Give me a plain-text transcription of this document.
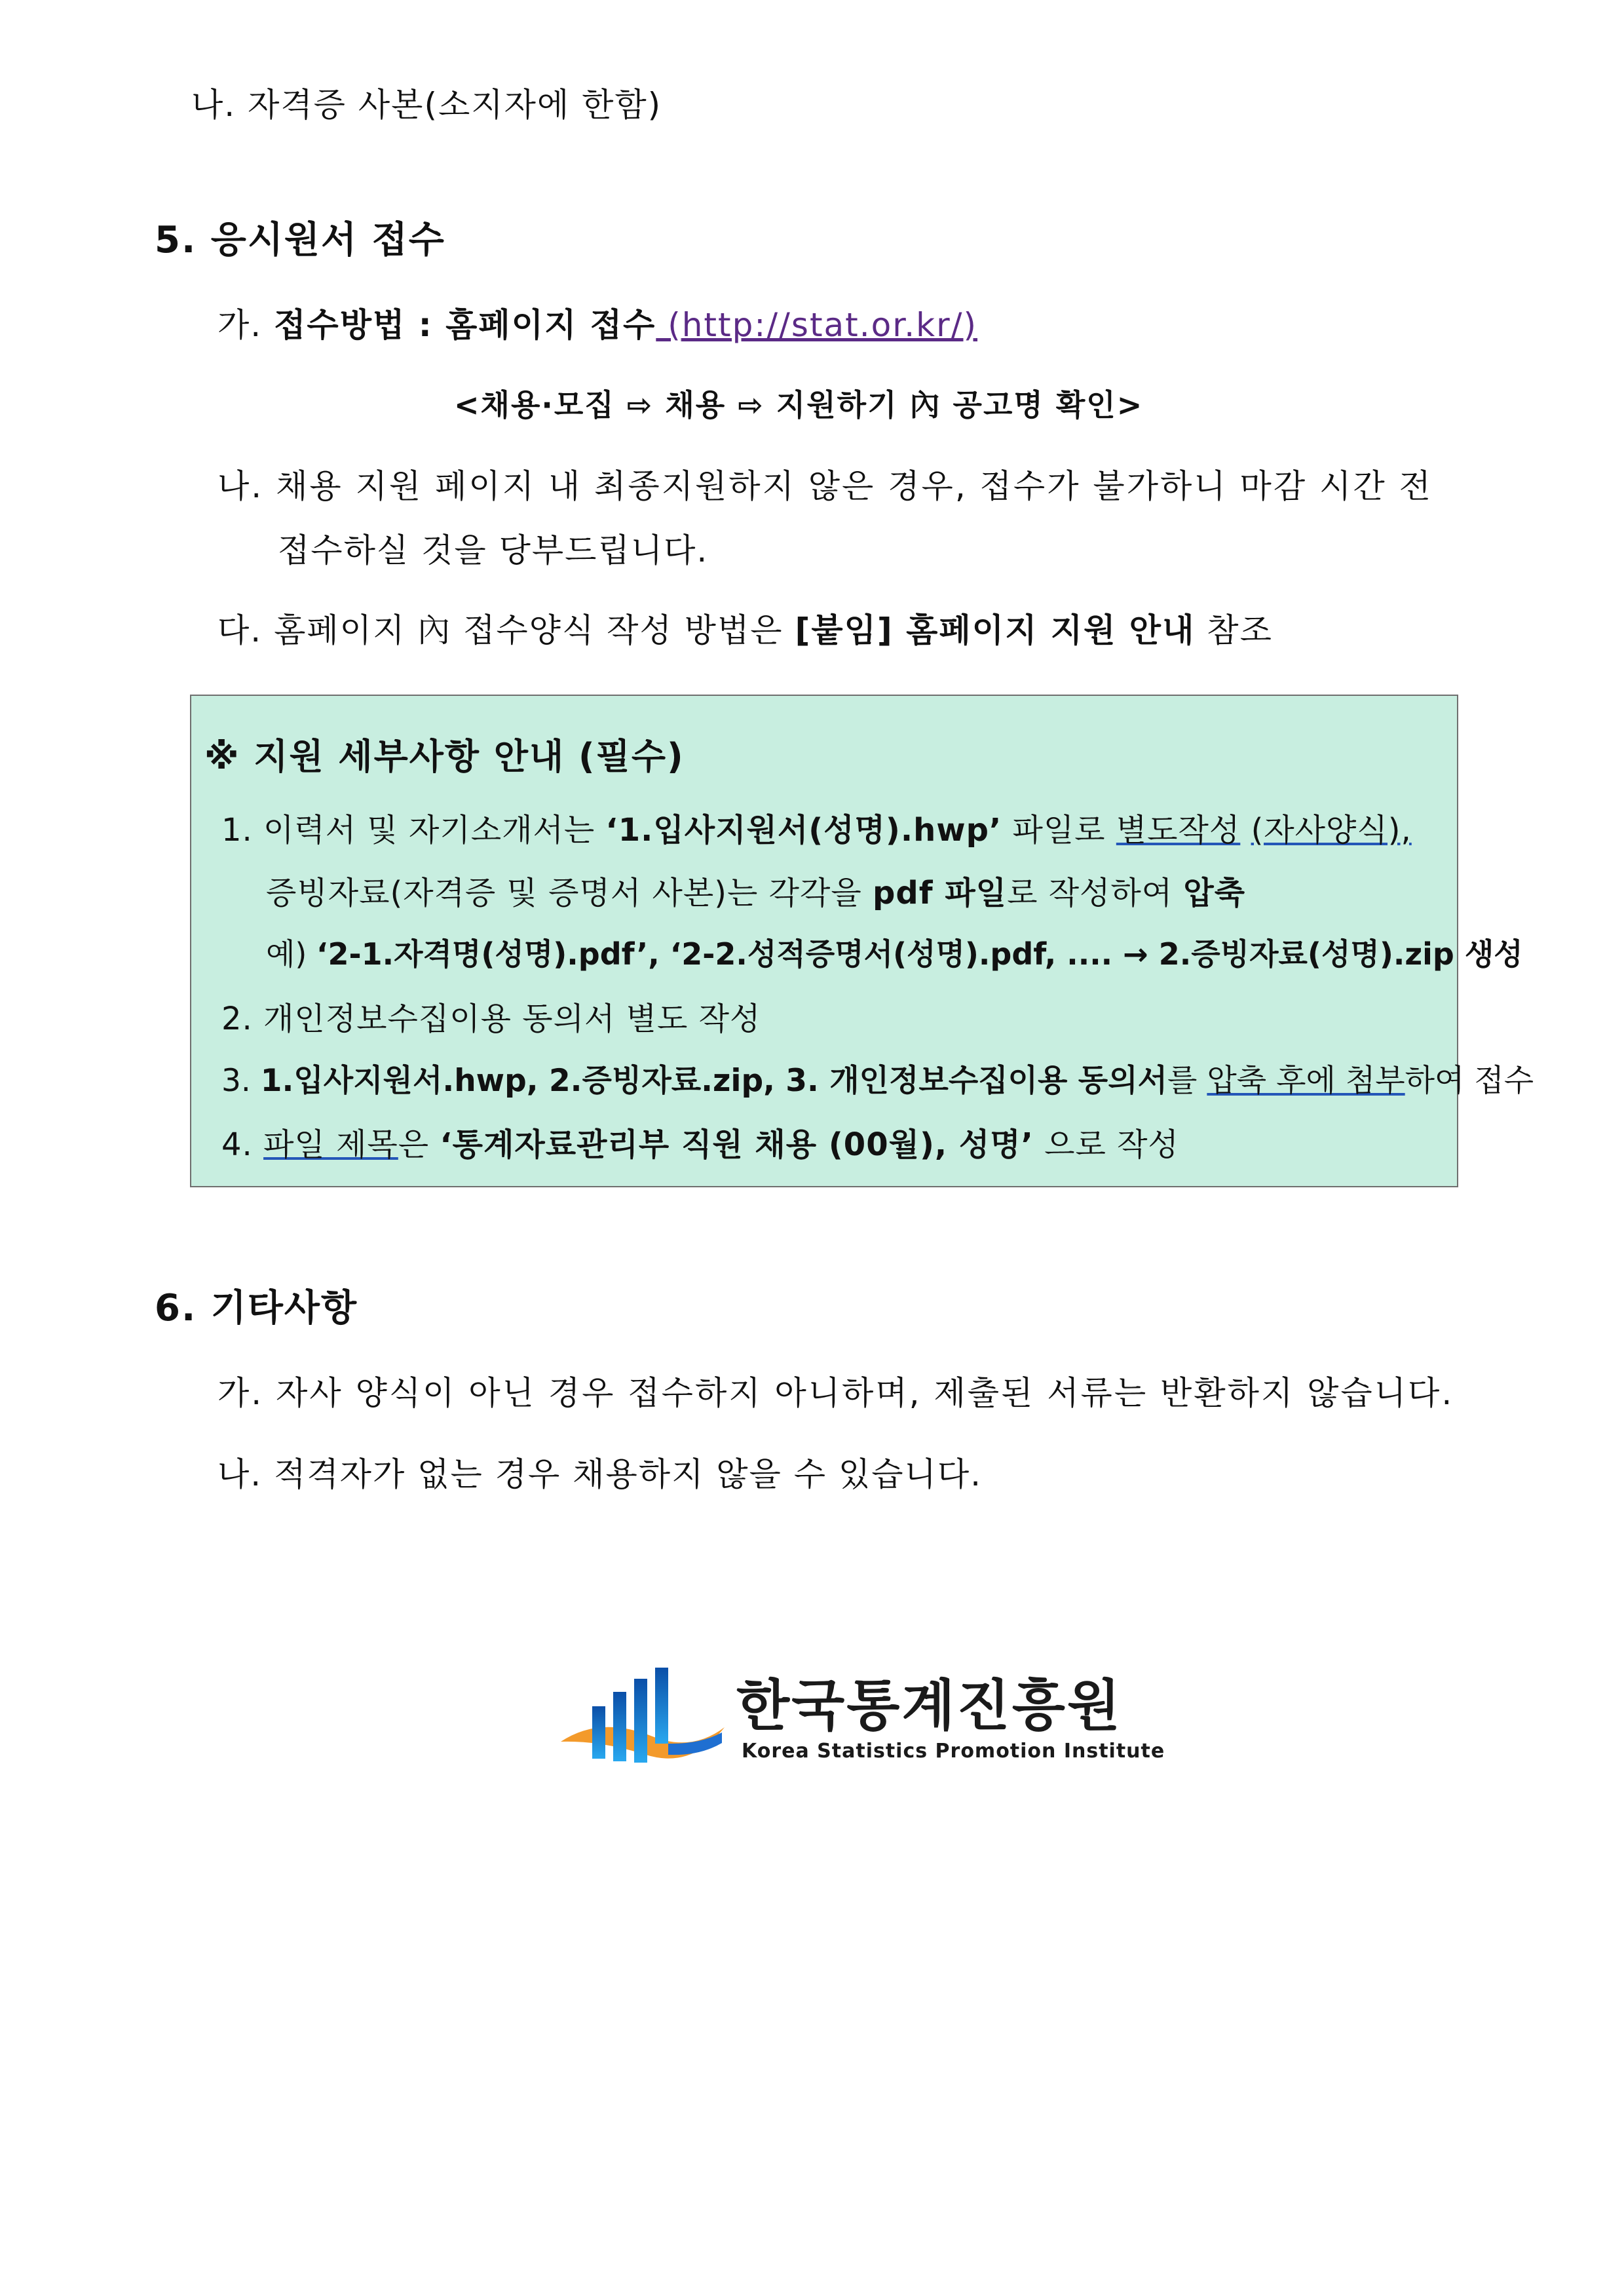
나. 자격증 사본(소지자에 한함)
5. 응시원서 접수
가. 접수방법 : 홈페이지 접수 (http://stat.or.kr/)
<채용·모집 ⇨ 채용 ⇨ 지원하기 內 공고명 확인>
나. 채용 지원 페이지 내 최종지원하지 않은 경우, 접수가 불가하니 마감 시간 전
접수하실 것을 당부드립니다.
다. 홈페이지 內 접수양식 작성 방법은 [붙임] 홈페이지 지원 안내 참조
※ 지원 세부사항 안내 (필수)
1. 이력서 및 자기소개서는 ‘1.입사지원서(성명).hwp’ 파일로 별도작성 (자사양식),
증빙자료(자격증 및 증명서 사본)는 각각을 pdf 파일로 작성하여 압축
예) ‘2-1.자격명(성명).pdf’, ‘2-2.성적증명서(성명).pdf, .... → 2.증빙자료(성명).zip 생성
2. 개인정보수집이용 동의서 별도 작성
3. 1.입사지원서.hwp, 2.증빙자료.zip, 3. 개인정보수집이용 동의서를 압축 후에 첨부하여 접수
4. 파일 제목은 ‘통계자료관리부 직원 채용 (00월), 성명’ 으로 작성
6. 기타사항
가. 자사 양식이 아닌 경우 접수하지 아니하며, 제출된 서류는 반환하지 않습니다.
나. 적격자가 없는 경우 채용하지 않을 수 있습니다.
한국통계진흥원
Korea Statistics Promotion Institute
